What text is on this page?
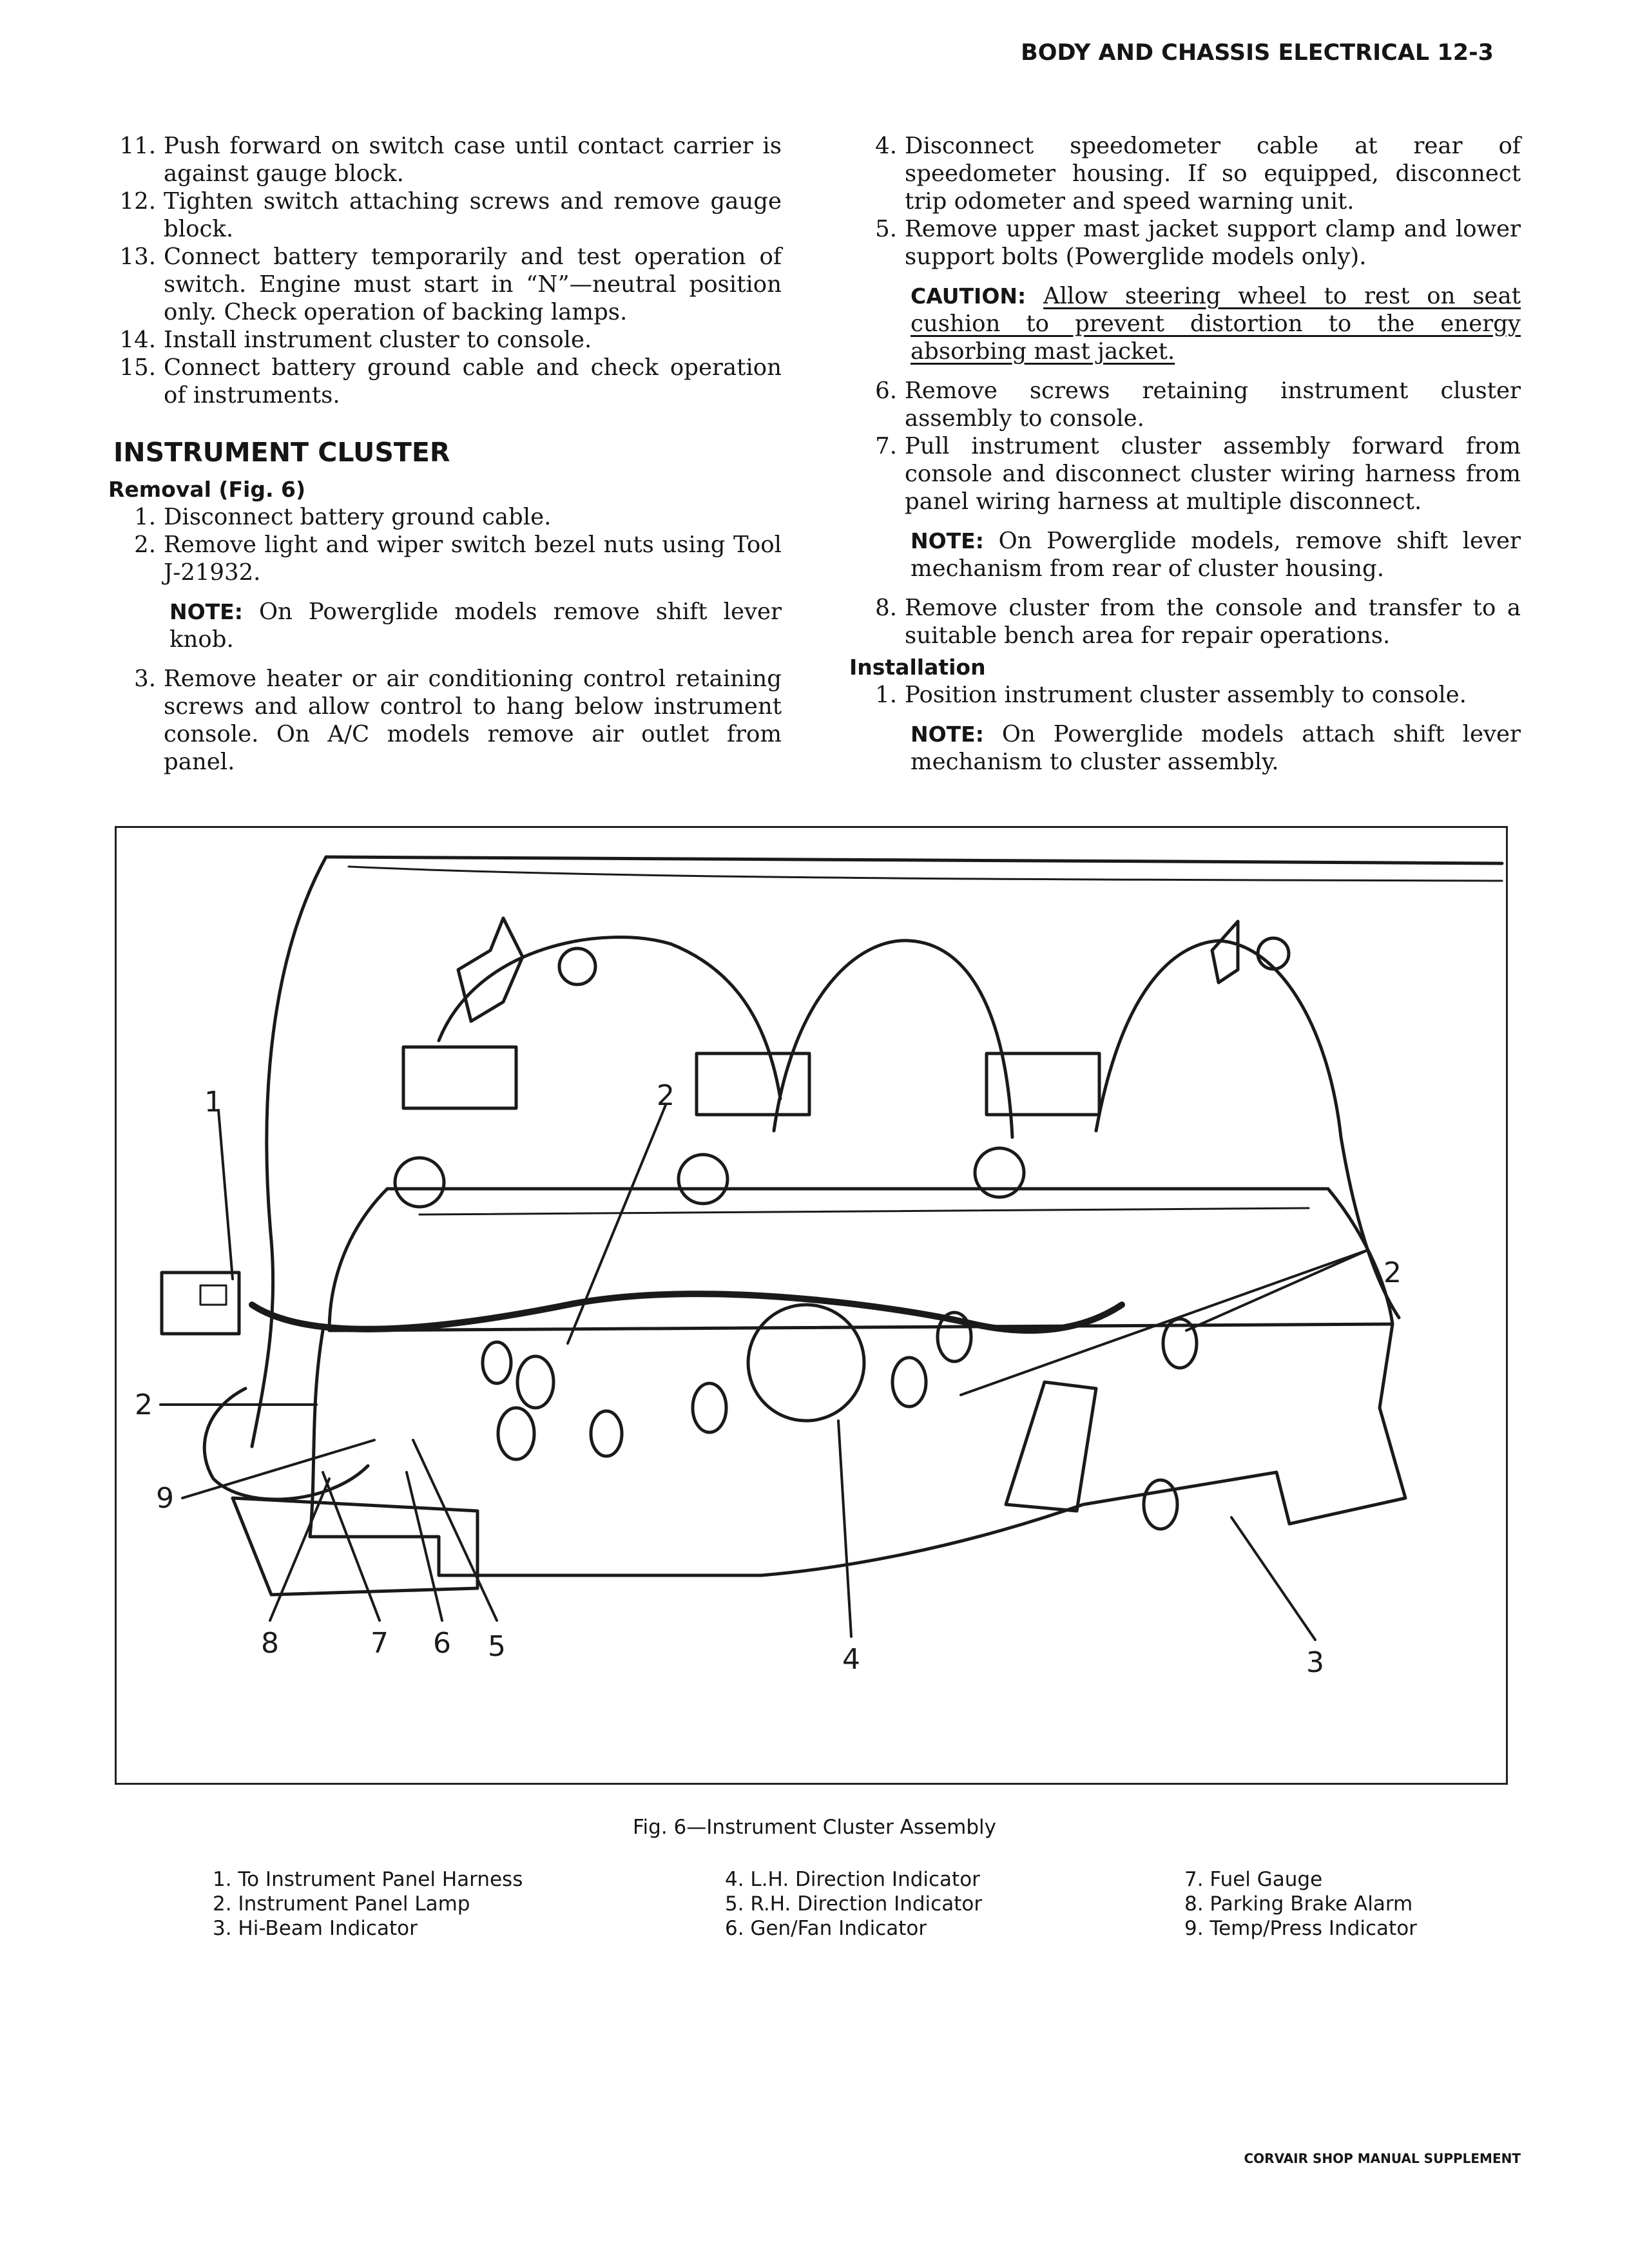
BODY AND CHASSIS ELECTRICAL 12-3
11. Push forward on switch case until contact carrier is against gauge block.
12. Tighten switch attaching screws and remove gauge block.
13. Connect battery temporarily and test operation of switch. Engine must start in “N”—neutral position only. Check operation of backing lamps.
14. Install instrument cluster to console.
15. Connect battery ground cable and check operation of instruments.
INSTRUMENT CLUSTER
Removal (Fig. 6)
1. Disconnect battery ground cable.
2. Remove light and wiper switch bezel nuts using Tool J-21932.
NOTE: On Powerglide models remove shift lever knob.
3. Remove heater or air conditioning control retaining screws and allow control to hang below instrument console. On A/C models remove air outlet from panel.
4. Disconnect speedometer cable at rear of speedometer housing. If so equipped, disconnect trip odometer and speed warning unit.
5. Remove upper mast jacket support clamp and lower support bolts (Powerglide models only).
CAUTION: Allow steering wheel to rest on seat cushion to prevent distortion to the energy absorbing mast jacket.
6. Remove screws retaining instrument cluster assembly to console.
7. Pull instrument cluster assembly forward from console and disconnect cluster wiring harness from panel wiring harness at multiple disconnect.
NOTE: On Powerglide models, remove shift lever mechanism from rear of cluster housing.
8. Remove cluster from the console and transfer to a suitable bench area for repair operations.
Installation
1. Position instrument cluster assembly to console.
NOTE: On Powerglide models attach shift lever mechanism to cluster assembly.
1	2
2
2
9
8	7 6 5	4	3
Fig. 6—Instrument Cluster Assembly
1. To Instrument Panel Harness
2. Instrument Panel Lamp
3. Hi-Beam Indicator
4. L.H. Direction Indicator
5. R.H. Direction Indicator
6. Gen/Fan Indicator
7. Fuel Gauge
8. Parking Brake Alarm
9. Temp/Press Indicator
CORVAIR SHOP MANUAL SUPPLEMENT
